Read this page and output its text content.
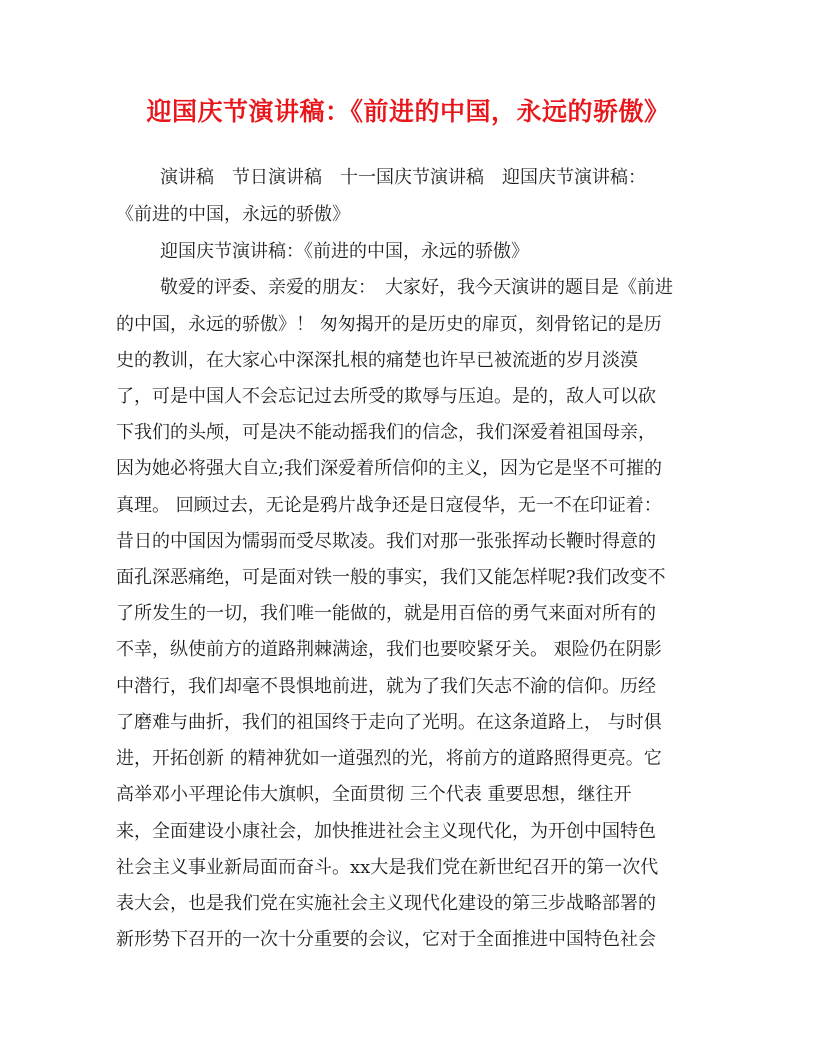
迎国庆节演讲稿：《前进的中国，永远的骄傲》
演讲稿　节日演讲稿　十一国庆节演讲稿　迎国庆节演讲稿：
《前进的中国，永远的骄傲》
迎国庆节演讲稿：《前进的中国，永远的骄傲》
敬爱的评委、亲爱的朋友：　大家好，我今天演讲的题目是《前进
的中国，永远的骄傲》！ 匆匆揭开的是历史的扉页，刻骨铭记的是历
史的教训，在大家心中深深扎根的痛楚也许早已被流逝的岁月淡漠
了，可是中国人不会忘记过去所受的欺辱与压迫。是的，敌人可以砍
下我们的头颅，可是决不能动摇我们的信念，我们深爱着祖国母亲，
因为她必将强大自立;我们深爱着所信仰的主义，因为它是坚不可摧的
真理。 回顾过去，无论是鸦片战争还是日寇侵华，无一不在印证着：
昔日的中国因为懦弱而受尽欺凌。我们对那一张张挥动长鞭时得意的
面孔深恶痛绝，可是面对铁一般的事实，我们又能怎样呢?我们改变不
了所发生的一切，我们唯一能做的，就是用百倍的勇气来面对所有的
不幸，纵使前方的道路荆棘满途，我们也要咬紧牙关。 艰险仍在阴影
中潜行，我们却毫不畏惧地前进，就为了我们矢志不渝的信仰。历经
了磨难与曲折，我们的祖国终于走向了光明。在这条道路上， 与时俱
进，开拓创新 的精神犹如一道强烈的光，将前方的道路照得更亮。它
高举邓小平理论伟大旗帜，全面贯彻 三个代表 重要思想，继往开
来，全面建设小康社会，加快推进社会主义现代化，为开创中国特色
社会主义事业新局面而奋斗。xx大是我们党在新世纪召开的第一次代
表大会，也是我们党在实施社会主义现代化建设的第三步战略部署的
新形势下召开的一次十分重要的会议，它对于全面推进中国特色社会
